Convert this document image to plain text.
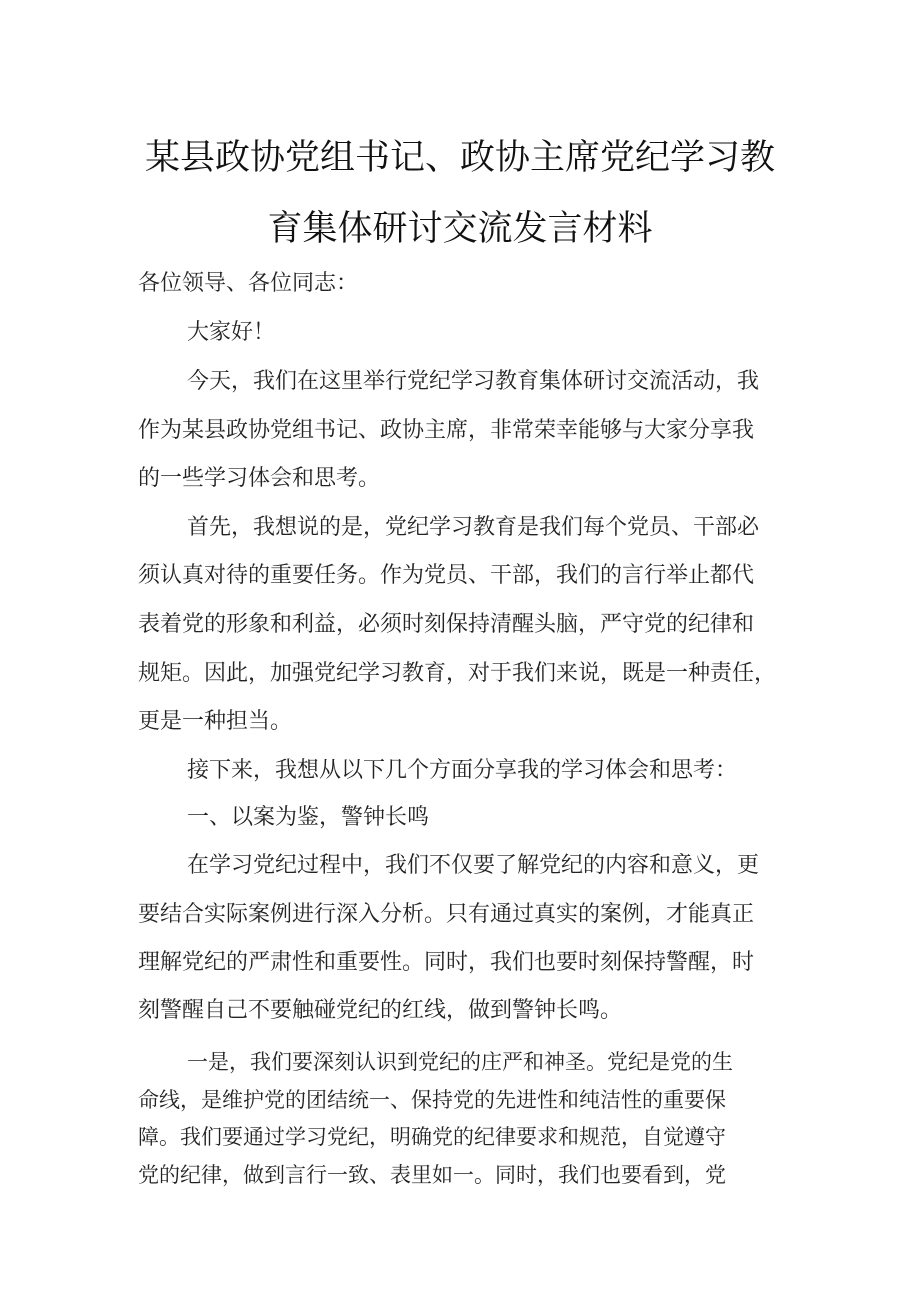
某县政协党组书记、政协主席党纪学习教
育集体研讨交流发言材料
各位领导、各位同志：
大家好！
今天，我们在这里举行党纪学习教育集体研讨交流活动，我
作为某县政协党组书记、政协主席，非常荣幸能够与大家分享我
的一些学习体会和思考。
首先，我想说的是，党纪学习教育是我们每个党员、干部必
须认真对待的重要任务。作为党员、干部，我们的言行举止都代
表着党的形象和利益，必须时刻保持清醒头脑，严守党的纪律和
规矩。因此，加强党纪学习教育，对于我们来说，既是一种责任，
更是一种担当。
接下来，我想从以下几个方面分享我的学习体会和思考：
一、以案为鉴，警钟长鸣
在学习党纪过程中，我们不仅要了解党纪的内容和意义，更
要结合实际案例进行深入分析。只有通过真实的案例，才能真正
理解党纪的严肃性和重要性。同时，我们也要时刻保持警醒，时
刻警醒自己不要触碰党纪的红线，做到警钟长鸣。
一是，我们要深刻认识到党纪的庄严和神圣。党纪是党的生
命线，是维护党的团结统一、保持党的先进性和纯洁性的重要保
障。我们要通过学习党纪，明确党的纪律要求和规范，自觉遵守
党的纪律，做到言行一致、表里如一。同时，我们也要看到，党
